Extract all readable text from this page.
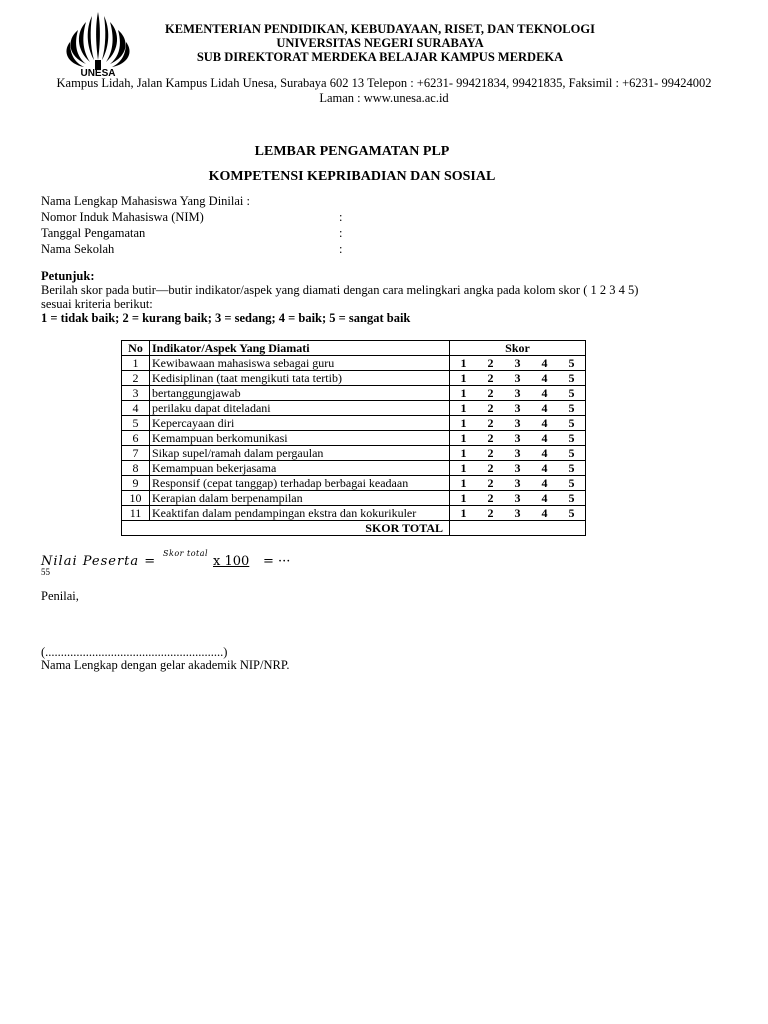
UNESA
KEMENTERIAN PENDIDIKAN, KEBUDAYAAN, RISET, DAN TEKNOLOGI
UNIVERSITAS NEGERI SURABAYA
SUB DIREKTORAT MERDEKA BELAJAR KAMPUS MERDEKA
Kampus Lidah, Jalan Kampus Lidah Unesa, Surabaya 602 13 Telepon : +6231- 99421834, 99421835, Faksimil : +6231- 99424002
Laman : www.unesa.ac.id
LEMBAR PENGAMATAN PLP
KOMPETENSI KEPRIBADIAN DAN SOSIAL
Nama Lengkap Mahasiswa Yang Dinilai :
Nomor Induk Mahasiswa (NIM)	:
Tanggal Pengamatan	:
Nama Sekolah	:
Petunjuk:
Berilah skor pada butir—butir indikator/aspek yang diamati dengan cara melingkari angka pada kolom skor ( 1 2 3 4 5)
sesuai kriteria berikut:
1 = tidak baik; 2 = kurang baik; 3 = sedang; 4 = baik; 5 = sangat baik
No	Indikator/Aspek Yang Diamati	Skor				
1	Kewibawaan mahasiswa sebagai guru	1	2	3	4	5
2	Kedisiplinan (taat mengikuti tata tertib)	1	2	3	4	5
3	bertanggungjawab	1	2	3	4	5
4	perilaku dapat diteladani	1	2	3	4	5
5	Kepercayaan diri	1	2	3	4	5
6	Kemampuan berkomunikasi	1	2	3	4	5
7	Sikap supel/ramah dalam pergaulan	1	2	3	4	5
8	Kemampuan bekerjasama	1	2	3	4	5
9	Responsif (cepat tanggap) terhadap berbagai keadaan	1	2	3	4	5
10	Kerapian dalam berpenampilan	1	2	3	4	5
11	Keaktifan dalam pendampingan ekstra dan kokurikuler	1	2	3	4	5
SKOR TOTAL						
Nilai Peserta =
Skor total
x 100 = ···
55
Penilai,
(.........................................................)
Nama Lengkap dengan gelar akademik NIP/NRP.
